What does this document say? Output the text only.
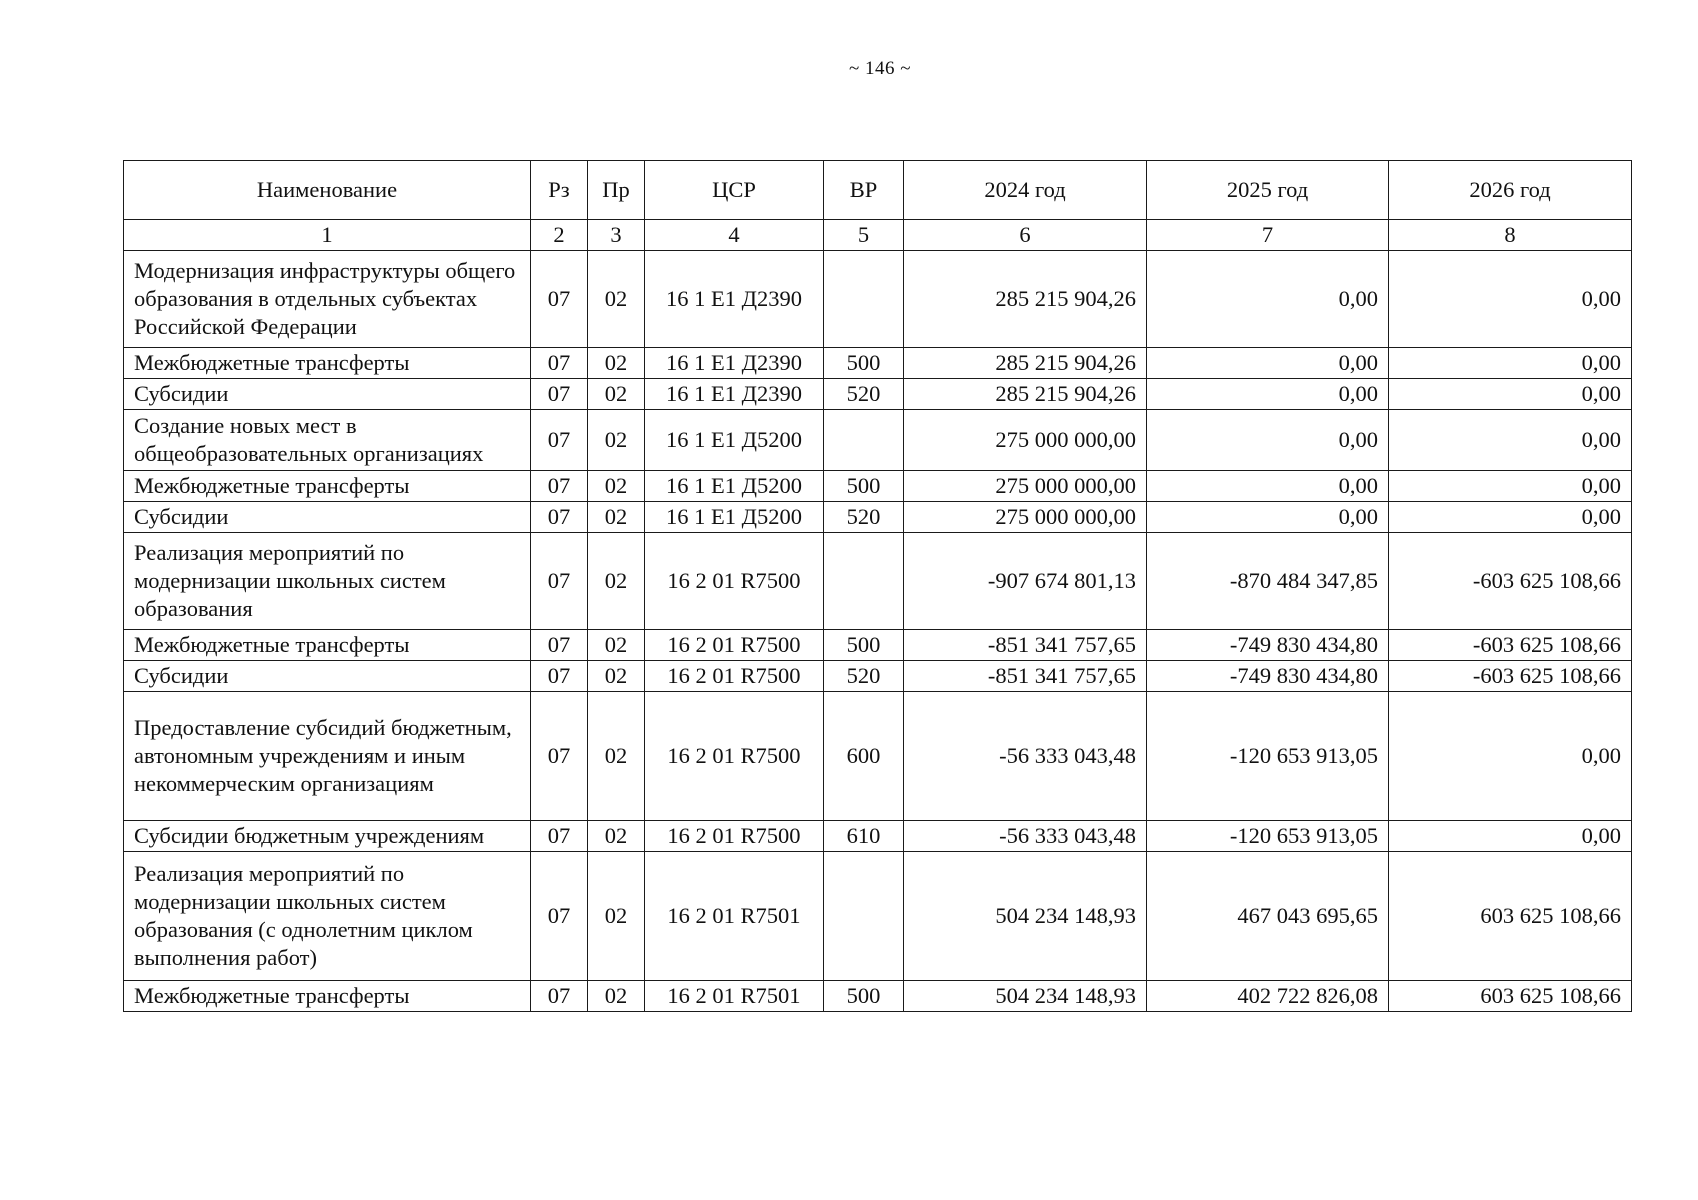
~ 146 ~
Наименование	Рз	Пр	ЦСР	ВР	2024 год	2025 год	2026 год
1	2	3	4	5	6	7	8
Модернизация инфраструктуры общего образования в отдельных субъектах Российской Федерации	07	02	16 1 E1 Д2390		285 215 904,26	0,00	0,00
Межбюджетные трансферты	07	02	16 1 E1 Д2390	500	285 215 904,26	0,00	0,00
Субсидии	07	02	16 1 E1 Д2390	520	285 215 904,26	0,00	0,00
Создание новых мест в общеобразовательных организациях	07	02	16 1 E1 Д5200		275 000 000,00	0,00	0,00
Межбюджетные трансферты	07	02	16 1 E1 Д5200	500	275 000 000,00	0,00	0,00
Субсидии	07	02	16 1 E1 Д5200	520	275 000 000,00	0,00	0,00
Реализация мероприятий по модернизации школьных систем образования	07	02	16 2 01 R7500		-907 674 801,13	-870 484 347,85	-603 625 108,66
Межбюджетные трансферты	07	02	16 2 01 R7500	500	-851 341 757,65	-749 830 434,80	-603 625 108,66
Субсидии	07	02	16 2 01 R7500	520	-851 341 757,65	-749 830 434,80	-603 625 108,66
Предоставление субсидий бюджетным, автономным учреждениям и иным некоммерческим организациям	07	02	16 2 01 R7500	600	-56 333 043,48	-120 653 913,05	0,00
Субсидии бюджетным учреждениям	07	02	16 2 01 R7500	610	-56 333 043,48	-120 653 913,05	0,00
Реализация мероприятий по модернизации школьных систем образования (с однолетним циклом выполнения работ)	07	02	16 2 01 R7501		504 234 148,93	467 043 695,65	603 625 108,66
Межбюджетные трансферты	07	02	16 2 01 R7501	500	504 234 148,93	402 722 826,08	603 625 108,66
